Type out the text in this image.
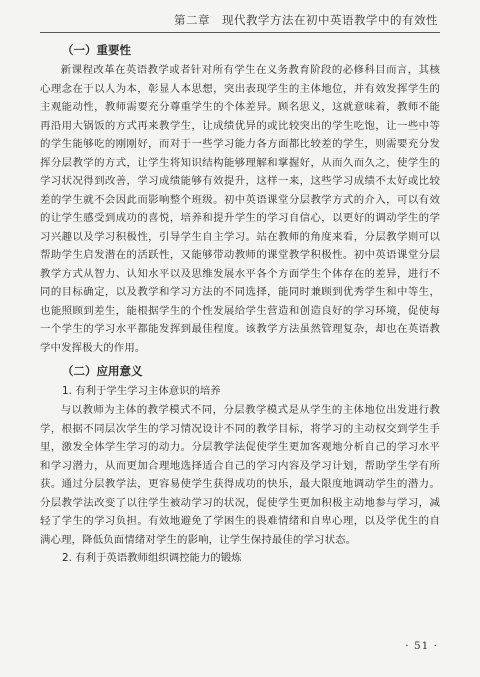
第二章　现代教学方法在初中英语教学中的有效性
（一）重要性

新课程改革在英语教学或者针对所有学生在义务教育阶段的必修科目而言，其核心理念在于以人为本，彰显人本思想，突出表现学生的主体地位，并有效发挥学生的主观能动性，教师需要充分尊重学生的个体差异。顾名思义，这就意味着，教师不能再沿用大锅饭的方式再来教学生，让成绩优异的或比较突出的学生吃饱，让一些中等的学生能够吃的刚刚好，而对于一些学习能力各方面都比较差的学生，则需要充分发挥分层教学的方式，让学生将知识结构能够理解和掌握好，从而久而久之，使学生的学习状况得到改善，学习成绩能够有效提升，这样一来，这些学习成绩不太好或比较差的学生就不会因此而影响整个班级。初中英语课堂分层教学方式的介入，可以有效的让学生感受到成功的喜悦，培养和提升学生的学习自信心，以更好的调动学生的学习兴趣以及学习积极性，引导学生自主学习。站在教师的角度来看，分层教学则可以帮助学生启发潜在的活跃性，又能够带动教师的课堂教学积极性。初中英语课堂分层教学方式从智力、认知水平以及思维发展水平各个方面学生个体存在的差异，进行不同的目标确定，以及教学和学习方法的不同选择，能同时兼顾到优秀学生和中等生，也能照顾到差生，能根据学生的个性发展给学生营造和创造良好的学习环境，促使每一个学生的学习水平都能发挥到最佳程度。该教学方法虽然管理复杂，却也在英语教学中发挥极大的作用。

（二）应用意义
1. 有利于学生学习主体意识的培养

与以教师为主体的教学模式不同，分层教学模式是从学生的主体地位出发进行教学，根据不同层次学生的学习情况设计不同的教学目标，将学习的主动权交到学生手里，激发全体学生学习的动力。分层教学法促使学生更加客观地分析自己的学习水平和学习潜力，从而更加合理地选择适合自己的学习内容及学习计划，帮助学生学有所获。通过分层教学法，更容易使学生获得成功的快乐，最大限度地调动学生的潜力。分层教学法改变了以往学生被动学习的状况，促使学生更加积极主动地参与学习，减轻了学生的学习负担。有效地避免了学困生的畏难情绪和自卑心理，以及学优生的自满心理，降低负面情绪对学生的影响，让学生保持最佳的学习状态。

2. 有利于英语教师组织调控能力的锻炼
· 51 ·
